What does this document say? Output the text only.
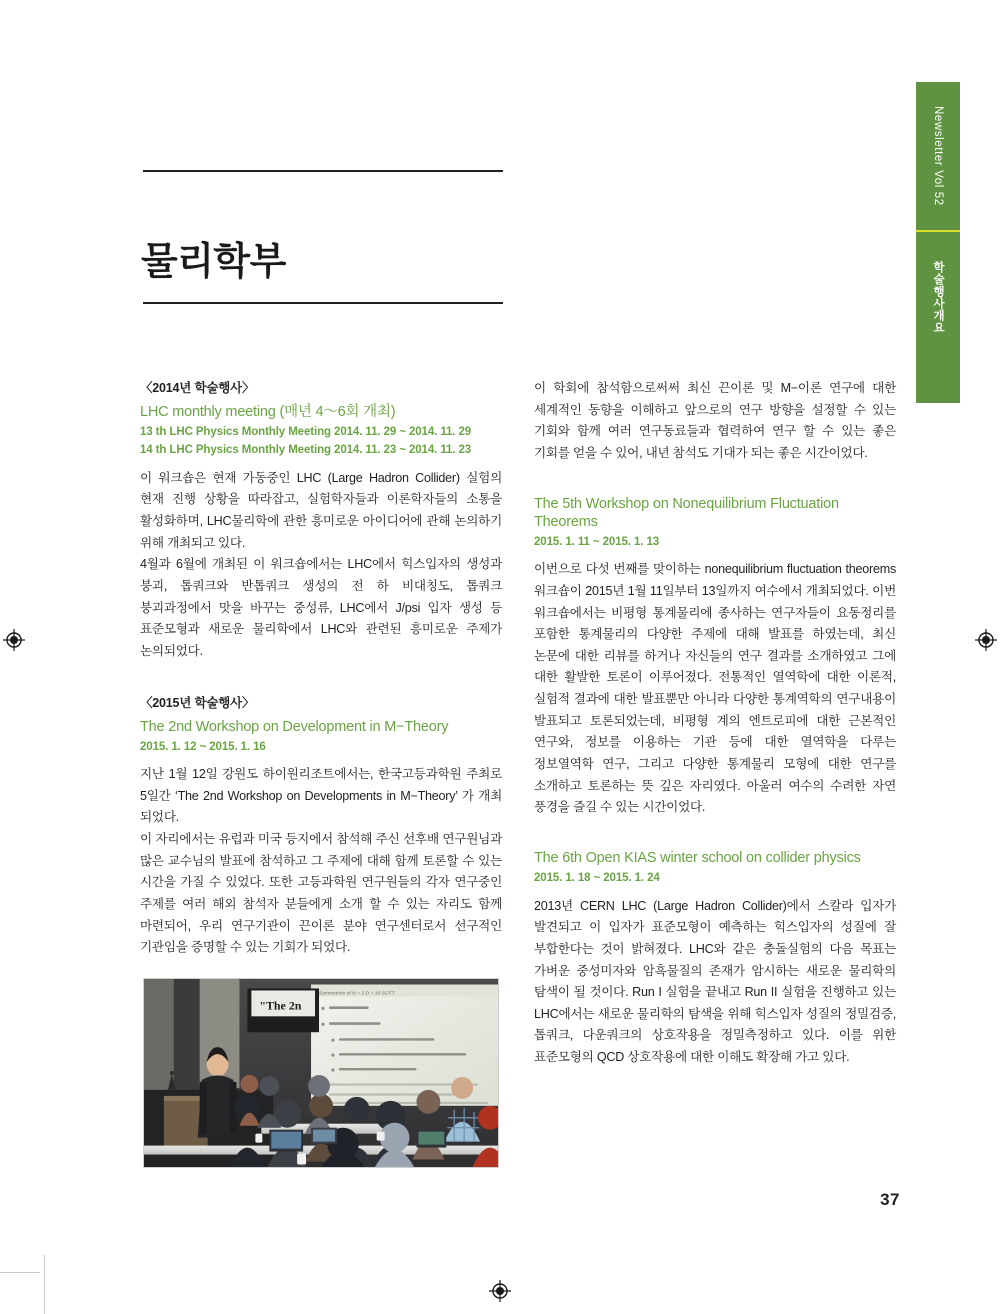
Newsletter Vol 52
학술행사개요
물리학부
〈2014년 학술행사〉
LHC monthly meeting (매년 4〜6회 개최)
13 th LHC Physics Monthly Meeting 2014. 11. 29 ~ 2014. 11. 29
14 th LHC Physics Monthly Meeting 2014. 11. 23 ~ 2014. 11. 23

이 워크숍은 현재 가동중인 LHC (Large Hadron Collider) 실험의 현재 진행 상황을 따라잡고, 실험학자들과 이론학자들의 소통을 활성화하며, LHC물리학에 관한 흥미로운 아이디어에 관해 논의하기 위해 개최되고 있다.

4월과 6월에 개최된 이 워크숍에서는 LHC에서 힉스입자의 생성과 붕괴, 톱쿼크와 반톱쿼크 생성의 전 하 비대칭도, 톱쿼크 붕괴과정에서 맛을 바꾸는 중성류, LHC에서 J/psi 입자 생성 등 표준모형과 새로운 물리학에서 LHC와 관련된 흥미로운 주제가 논의되었다.

〈2015년 학술행사〉
The 2nd Workshop on Development in M−Theory
2015. 1. 12 ~ 2015. 1. 16

지난 1월 12일 강원도 하이원리조트에서는, 한국고등과학원 주최로 5일간 ‘The 2nd Workshop on Developments in M−Theory’ 가 개최 되었다.

이 자리에서는 유럽과 미국 등지에서 참석해 주신 선후배 연구원님과 많은 교수님의 발표에 참석하고 그 주제에 대해 함께 토론할 수 있는 시간을 가질 수 있었다. 또한 고등과학원 연구원들의 각자 연구중인 주제를 여러 해외 참석자 분들에게 소개 할 수 있는 자리도 함께 마련되어, 우리 연구기관이 끈이론 분야 연구센터로서 선구적인 기관임을 증명할 수 있는 기회가 되었다.

이 학회에 참석함으로써써 최신 끈이론 및 M−이론 연구에 대한 세계적인 동향을 이해하고 앞으로의 연구 방향을 설정할 수 있는 기회와 함께 여러 연구동료들과 협력하여 연구 할 수 있는 좋은 기회를 얻을 수 있어, 내년 참석도 기대가 되는 좋은 시간이었다.

The 5th Workshop on Nonequilibrium Fluctuation Theorems
2015. 1. 11 ~ 2015. 1. 13

이번으로 다섯 번째를 맞이하는 nonequilibrium fluctuation theorems 워크숍이 2015년 1월 11일부터 13일까지 여수에서 개최되었다. 이번 워크숍에서는 비평형 통계물리에 종사하는 연구자들이 요동정리를 포함한 통계물리의 다양한 주제에 대해 발표를 하였는데, 최신 논문에 대한 리뷰를 하거나 자신들의 연구 결과를 소개하였고 그에 대한 활발한 토론이 이루어졌다. 전통적인 열역학에 대한 이론적, 실험적 결과에 대한 발표뿐만 아니라 다양한 통계역학의 연구내용이 발표되고 토론되었는데, 비평형 계의 엔트로피에 대한 근본적인 연구와, 정보를 이용하는 기관 등에 대한 열역학을 다루는 정보열역학 연구, 그리고 다양한 통계물리 모형에 대한 연구를 소개하고 토론하는 뜻 깊은 자리였다. 아울러 여수의 수려한 자연 풍경을 즐길 수 있는 시간이었다.

The 6th Open KIAS winter school on collider physics
2015. 1. 18 ~ 2015. 1. 24

2013년 CERN LHC (Large Hadron Collider)에서 스칼라 입자가 발견되고 이 입자가 표준모형이 예측하는 힉스입자의 성질에 잘 부합한다는 것이 밝혀졌다. LHC와 같은 충돌실험의 다음 목표는 가벼운 중성미자와 암흑물질의 존재가 암시하는 새로운 물리학의 탐색이 될 것이다. Run I 실험을 끝내고 Run II 실험을 진행하고 있는 LHC에서는 새로운 물리학의 탐색을 위해 힉스입자 성질의 정밀검증, 톱쿼크, 다운쿼크의 상호작용을 정밀측정하고 있다. 이를 위한 표준모형의 QCD 상호작용에 대한 이해도 확장해 가고 있다.

Symmetries of N = 2 D = 10 SCFT
"The 2n
37
